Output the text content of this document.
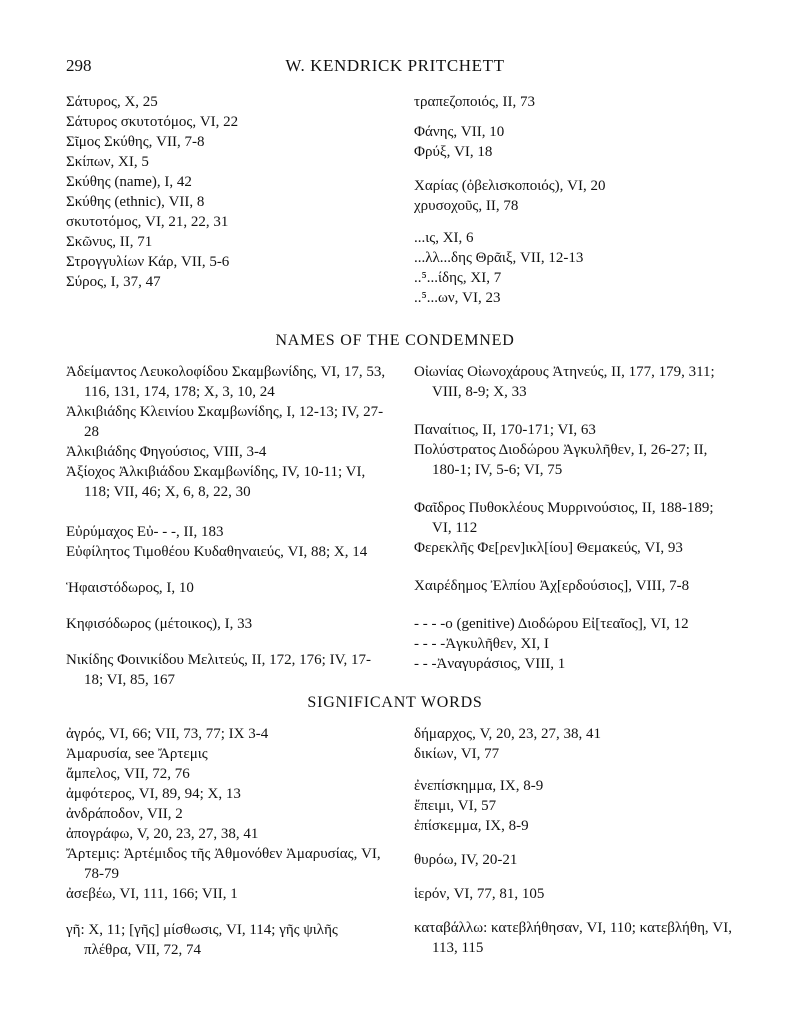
298	W. KENDRICK PRITCHETT
Σάτυρος, X, 25
Σάτυρος σκυτοτόμος, VI, 22
Σῖμος Σκύθης, VII, 7-8
Σκίπων, XI, 5
Σκύθης (name), I, 42
Σκύθης (ethnic), VII, 8
σκυτοτόμος, VI, 21, 22, 31
Σκῶνυς, II, 71
Στρογγυλίων Κάρ, VII, 5-6
Σύρος, I, 37, 47
τραπεζοποιός, II, 73
Φάνης, VII, 10
Φρύξ, VI, 18
Χαρίας (ὀβελισκοποιός), VI, 20
χρυσοχοῦς, II, 78
...ις, XI, 6
...λλ...δης Θρᾶιξ, VII, 12-13
..⁵...ίδης, XI, 7
..⁵...ων, VI, 23
NAMES OF THE CONDEMNED
Ἀδείμαντος Λευκολοφίδου Σκαμβωνίδης, VI, 17, 53, 116, 131, 174, 178; X, 3, 10, 24
Ἀλκιβιάδης Κλεινίου Σκαμβωνίδης, I, 12-13; IV, 27-28
Ἀλκιβιάδης Φηγούσιος, VIII, 3-4
Ἀξίοχος Ἀλκιβιάδου Σκαμβωνίδης, IV, 10-11; VI, 118; VII, 46; X, 6, 8, 22, 30
Εὐρύμαχος Εὐ- - -, II, 183
Εὐφίλητος Τιμοθέου Κυδαθηναιεύς, VI, 88; X, 14
Ἡφαιστόδωρος, I, 10
Κηφισόδωρος (μέτοικος), I, 33
Νικίδης Φοινικίδου Μελιτεύς, II, 172, 176; IV, 17-18; VI, 85, 167
Οἰωνίας Οἰωνοχάρους Ἀτηνεύς, II, 177, 179, 311; VIII, 8-9; X, 33
Παναίτιος, II, 170-171; VI, 63
Πολύστρατος Διοδώρου Ἀγκυλῆθεν, I, 26-27; II, 180-1; IV, 5-6; VI, 75
Φαῖδρος Πυθοκλέους Μυρρινούσιος, II, 188-189; VI, 112
Φερεκλῆς Φε[ρεν]ικλ[ίου] Θεμακεύς, VI, 93
Χαιρέδημος Ἐλπίου Ἀχ[ερδούσιος], VIII, 7-8
- - - -ο (genitive) Διοδώρου Εἰ[τεαῖος], VI, 12
- - - -Ἀγκυλῆθεν, XI, I
- - -Ἀναγυράσιος, VIII, 1
SIGNIFICANT WORDS
ἀγρός, VI, 66; VII, 73, 77; IX 3-4
Ἀμαρυσία, see Ἄρτεμις
ἄμπελος, VII, 72, 76
ἀμφότερος, VI, 89, 94; X, 13
ἀνδράποδον, VII, 2
ἀπογράφω, V, 20, 23, 27, 38, 41
Ἄρτεμις: Ἀρτέμιδος τῆς Ἀθμονόθεν Ἀμαρυσίας, VI, 78-79
ἀσεβέω, VI, 111, 166; VII, 1
γῆ: X, 11; [γῆς] μίσθωσις, VI, 114; γῆς ψιλῆς πλέθρα, VII, 72, 74
δήμαρχος, V, 20, 23, 27, 38, 41
δικίων, VI, 77
ἐνεπίσκημμα, IX, 8-9
ἔπειμι, VI, 57
ἐπίσκεμμα, IX, 8-9
θυρόω, IV, 20-21
ἱερόν, VI, 77, 81, 105
καταβάλλω: κατεβλήθησαν, VI, 110; κατεβλήθη, VI, 113, 115
